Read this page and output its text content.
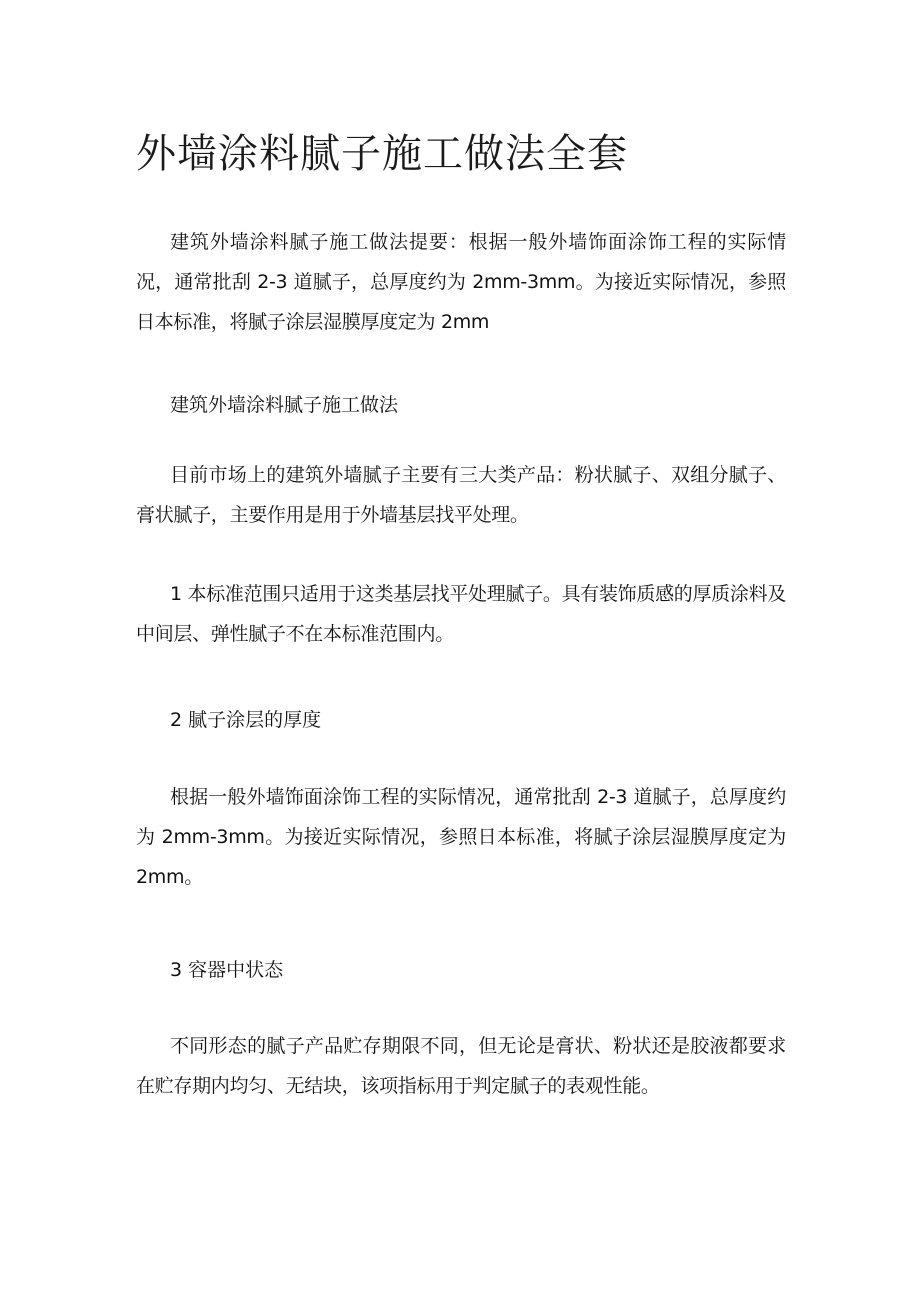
外墙涂料腻子施工做法全套

建筑外墙涂料腻子施工做法提要：根据一般外墙饰面涂饰工程的实际情况，通常批刮 2-3 道腻子，总厚度约为 2mm-3mm。为接近实际情况，参照日本标准，将腻子涂层湿膜厚度定为 2mm

建筑外墙涂料腻子施工做法

目前市场上的建筑外墙腻子主要有三大类产品：粉状腻子、双组分腻子、膏状腻子，主要作用是用于外墙基层找平处理。

1 本标准范围只适用于这类基层找平处理腻子。具有装饰质感的厚质涂料及中间层、弹性腻子不在本标准范围内。

2 腻子涂层的厚度

根据一般外墙饰面涂饰工程的实际情况，通常批刮 2-3 道腻子，总厚度约为 2mm-3mm。为接近实际情况，参照日本标准，将腻子涂层湿膜厚度定为 2mm。

3 容器中状态

不同形态的腻子产品贮存期限不同，但无论是膏状、粉状还是胶液都要求在贮存期内均匀、无结块，该项指标用于判定腻子的表观性能。
